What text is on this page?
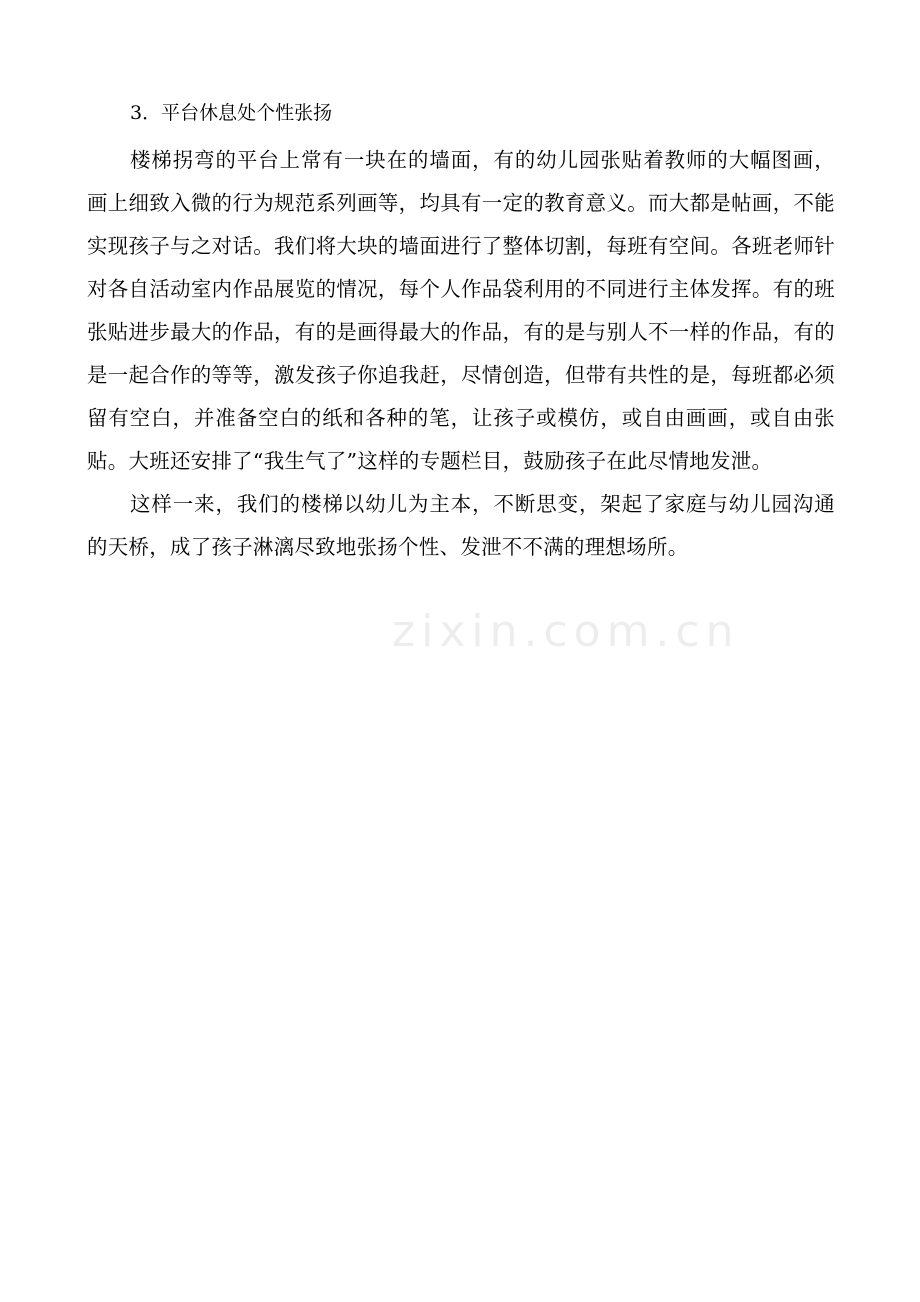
3．平台休息处个性张扬

楼梯拐弯的平台上常有一块在的墙面，有的幼儿园张贴着教师的大幅图画，画上细致入微的行为规范系列画等，均具有一定的教育意义。而大都是帖画，不能实现孩子与之对话。我们将大块的墙面进行了整体切割，每班有空间。各班老师针对各自活动室内作品展览的情况，每个人作品袋利用的不同进行主体发挥。有的班张贴进步最大的作品，有的是画得最大的作品，有的是与别人不一样的作品，有的是一起合作的等等，激发孩子你追我赶，尽情创造，但带有共性的是，每班都必须留有空白，并准备空白的纸和各种的笔，让孩子或模仿，或自由画画，或自由张贴。大班还安排了“我生气了”这样的专题栏目，鼓励孩子在此尽情地发泄。

这样一来，我们的楼梯以幼儿为主本，不断思变，架起了家庭与幼儿园沟通的天桥，成了孩子淋漓尽致地张扬个性、发泄不不满的理想场所。

zixin.com.cn
